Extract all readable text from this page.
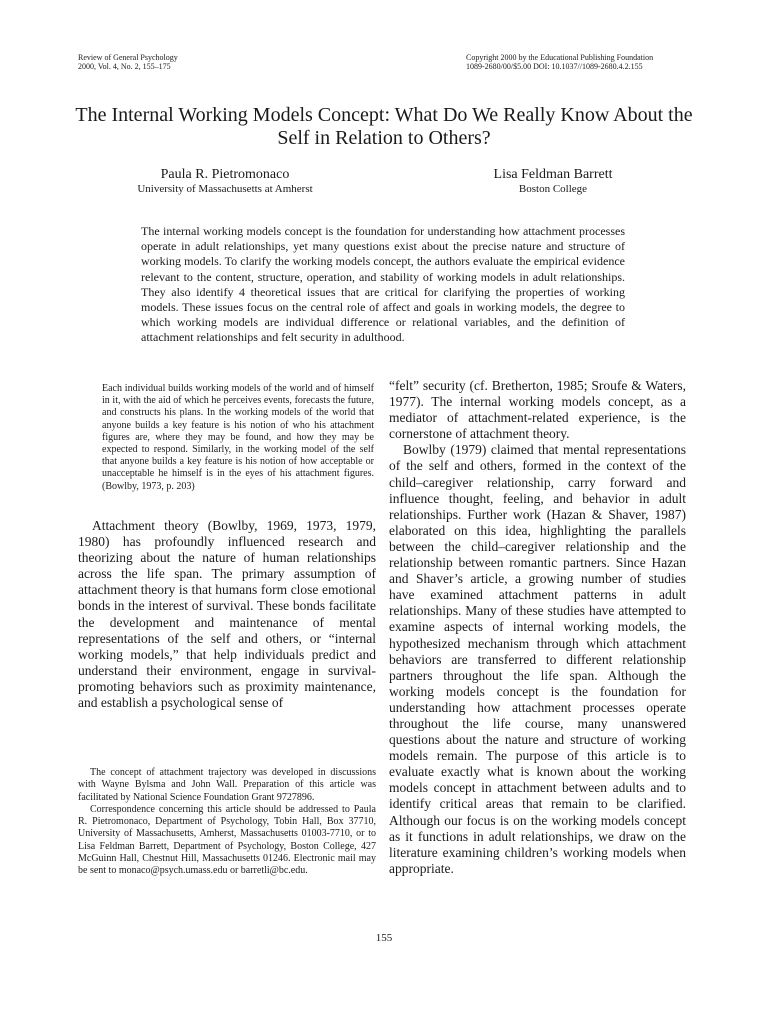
Review of General Psychology
2000, Vol. 4, No. 2, 155–175
Copyright 2000 by the Educational Publishing Foundation
1089-2680/00/$5.00 DOI: 10.1037//1089-2680.4.2.155
The Internal Working Models Concept: What Do We Really Know About the Self in Relation to Others?
Paula R. Pietromonaco
University of Massachusetts at Amherst
Lisa Feldman Barrett
Boston College
The internal working models concept is the foundation for understanding how attachment processes operate in adult relationships, yet many questions exist about the precise nature and structure of working models. To clarify the working models concept, the authors evaluate the empirical evidence relevant to the content, structure, operation, and stability of working models in adult relationships. They also identify 4 theoretical issues that are critical for clarifying the properties of working models. These issues focus on the central role of affect and goals in working models, the degree to which working models are individual difference or relational variables, and the definition of attachment relationships and felt security in adulthood.
Each individual builds working models of the world and of himself in it, with the aid of which he perceives events, forecasts the future, and constructs his plans. In the working models of the world that anyone builds a key feature is his notion of who his attachment figures are, where they may be found, and how they may be expected to respond. Similarly, in the working model of the self that anyone builds a key feature is his notion of how acceptable or unacceptable he himself is in the eyes of his attachment figures. (Bowlby, 1973, p. 203)
Attachment theory (Bowlby, 1969, 1973, 1979, 1980) has profoundly influenced research and theorizing about the nature of human relationships across the life span. The primary assumption of attachment theory is that humans form close emotional bonds in the interest of survival. These bonds facilitate the development and maintenance of mental representations of the self and others, or “internal working models,” that help individuals predict and understand their environment, engage in survival-promoting behaviors such as proximity maintenance, and establish a psychological sense of

The concept of attachment trajectory was developed in discussions with Wayne Bylsma and John Wall. Preparation of this article was facilitated by National Science Foundation Grant 9727896.

Correspondence concerning this article should be addressed to Paula R. Pietromonaco, Department of Psychology, Tobin Hall, Box 37710, University of Massachusetts, Amherst, Massachusetts 01003-7710, or to Lisa Feldman Barrett, Department of Psychology, Boston College, 427 McGuinn Hall, Chestnut Hill, Massachusetts 01246. Electronic mail may be sent to monaco@psych.umass.edu or barretli@bc.edu.

“felt” security (cf. Bretherton, 1985; Sroufe & Waters, 1977). The internal working models concept, as a mediator of attachment-related experience, is the cornerstone of attachment theory.

Bowlby (1979) claimed that mental representations of the self and others, formed in the context of the child–caregiver relationship, carry forward and influence thought, feeling, and behavior in adult relationships. Further work (Hazan & Shaver, 1987) elaborated on this idea, highlighting the parallels between the child–caregiver relationship and the relationship between romantic partners. Since Hazan and Shaver’s article, a growing number of studies have examined attachment patterns in adult relationships. Many of these studies have attempted to examine aspects of internal working models, the hypothesized mechanism through which attachment behaviors are transferred to different relationship partners throughout the life span. Although the working models concept is the foundation for understanding how attachment processes operate throughout the life course, many unanswered questions about the nature and structure of working models remain. The purpose of this article is to evaluate exactly what is known about the working models concept in attachment between adults and to identify critical areas that remain to be clarified. Although our focus is on the working models concept as it functions in adult relationships, we draw on the literature examining children’s working models when appropriate.

155
